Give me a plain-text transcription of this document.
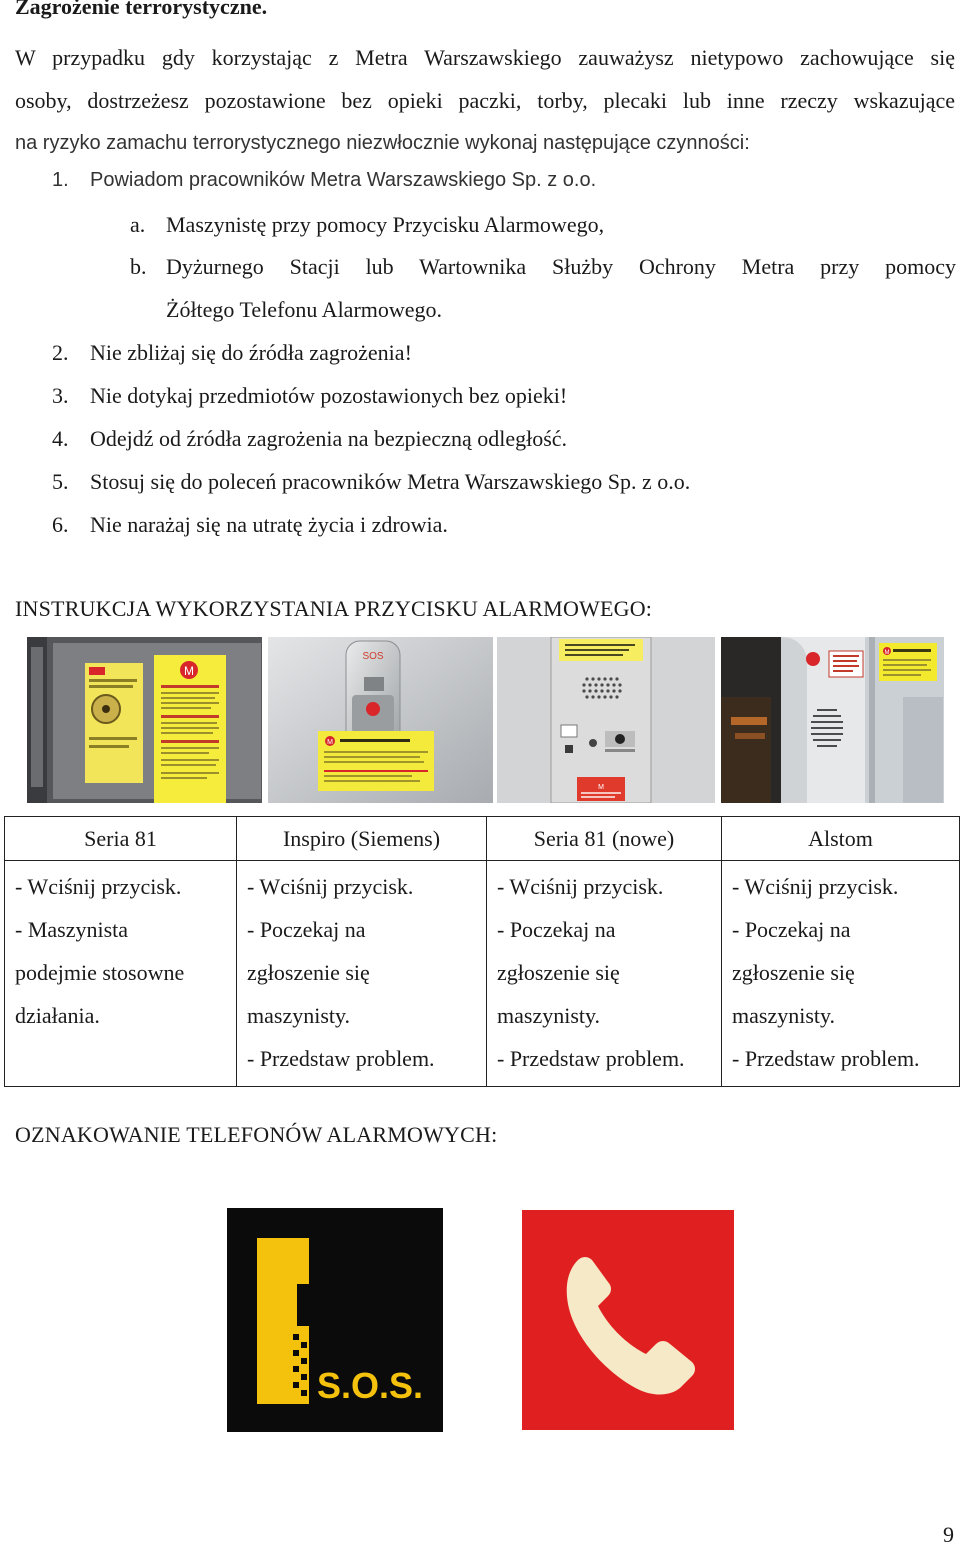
Zagrożenie terrorystyczne.
W przypadku gdy korzystając z Metra Warszawskiego zauważysz nietypowo zachowujące się
osoby, dostrzeżesz pozostawione bez opieki paczki, torby, plecaki lub inne rzeczy wskazujące
na ryzyko zamachu terrorystycznego niezwłocznie wykonaj następujące czynności:
1. Powiadom pracowników Metra Warszawskiego Sp. z o.o.
a. Maszynistę przy pomocy Przycisku Alarmowego,
b. Dyżurnego Stacji lub Wartownika Służby Ochrony Metra przy pomocy
Żółtego Telefonu Alarmowego.
2. Nie zbliżaj się do źródła zagrożenia!
3. Nie dotykaj przedmiotów pozostawionych bez opieki!
4. Odejdź od źródła zagrożenia na bezpieczną odległość.
5. Stosuj się do poleceń pracowników Metra Warszawskiego Sp. z o.o.
6. Nie narażaj się na utratę życia i zdrowia.
INSTRUKCJA WYKORZYSTANIA PRZYCISKU ALARMOWEGO:
M
SOS
M
M
M
Seria 81	Inspiro (Siemens)	Seria 81 (nowe)	Alstom

- Wciśnij przycisk.
- Maszynista
podejmie stosowne
działania.	- Wciśnij przycisk.
- Poczekaj na
zgłoszenie się
maszynisty.
- Przedstaw problem.	- Wciśnij przycisk.
- Poczekaj na
zgłoszenie się
maszynisty.
- Przedstaw problem.	- Wciśnij przycisk.
- Poczekaj na
zgłoszenie się
maszynisty.
- Przedstaw problem.
OZNAKOWANIE TELEFONÓW ALARMOWYCH:
S.O.S.
9
